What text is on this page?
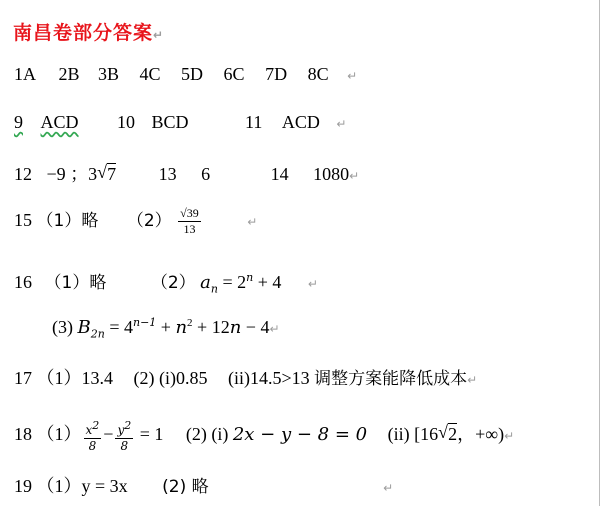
南昌卷部分答案↵
1A 2B 3B 4C 5D 6C 7D 8C ↵
9 ACD 10 BCD	11 ACD ↵
12 −9 ；3 √ 7 13 6	14 1080↵
15 （1）略 $(2) \frac{√39}{13}$	↵
16 （1）略	（2） $a_n = 2^n + 4$ ↵
(3) $B_{2n} = 4^{n-1} + n^2 + 12n$ − 4↵
17 （1）13.4 (2) (i)0.85 (ii)14.5>13 调整方案能降低成本↵
18 $(1) \frac{x^2}{8} - \frac{y^2}{8} = 1$ (2) (i) 2x − y − 8 = 0 (ii) [16 √ 2，+∞)↵
19 （1）y = 3x (2) 略	↵
